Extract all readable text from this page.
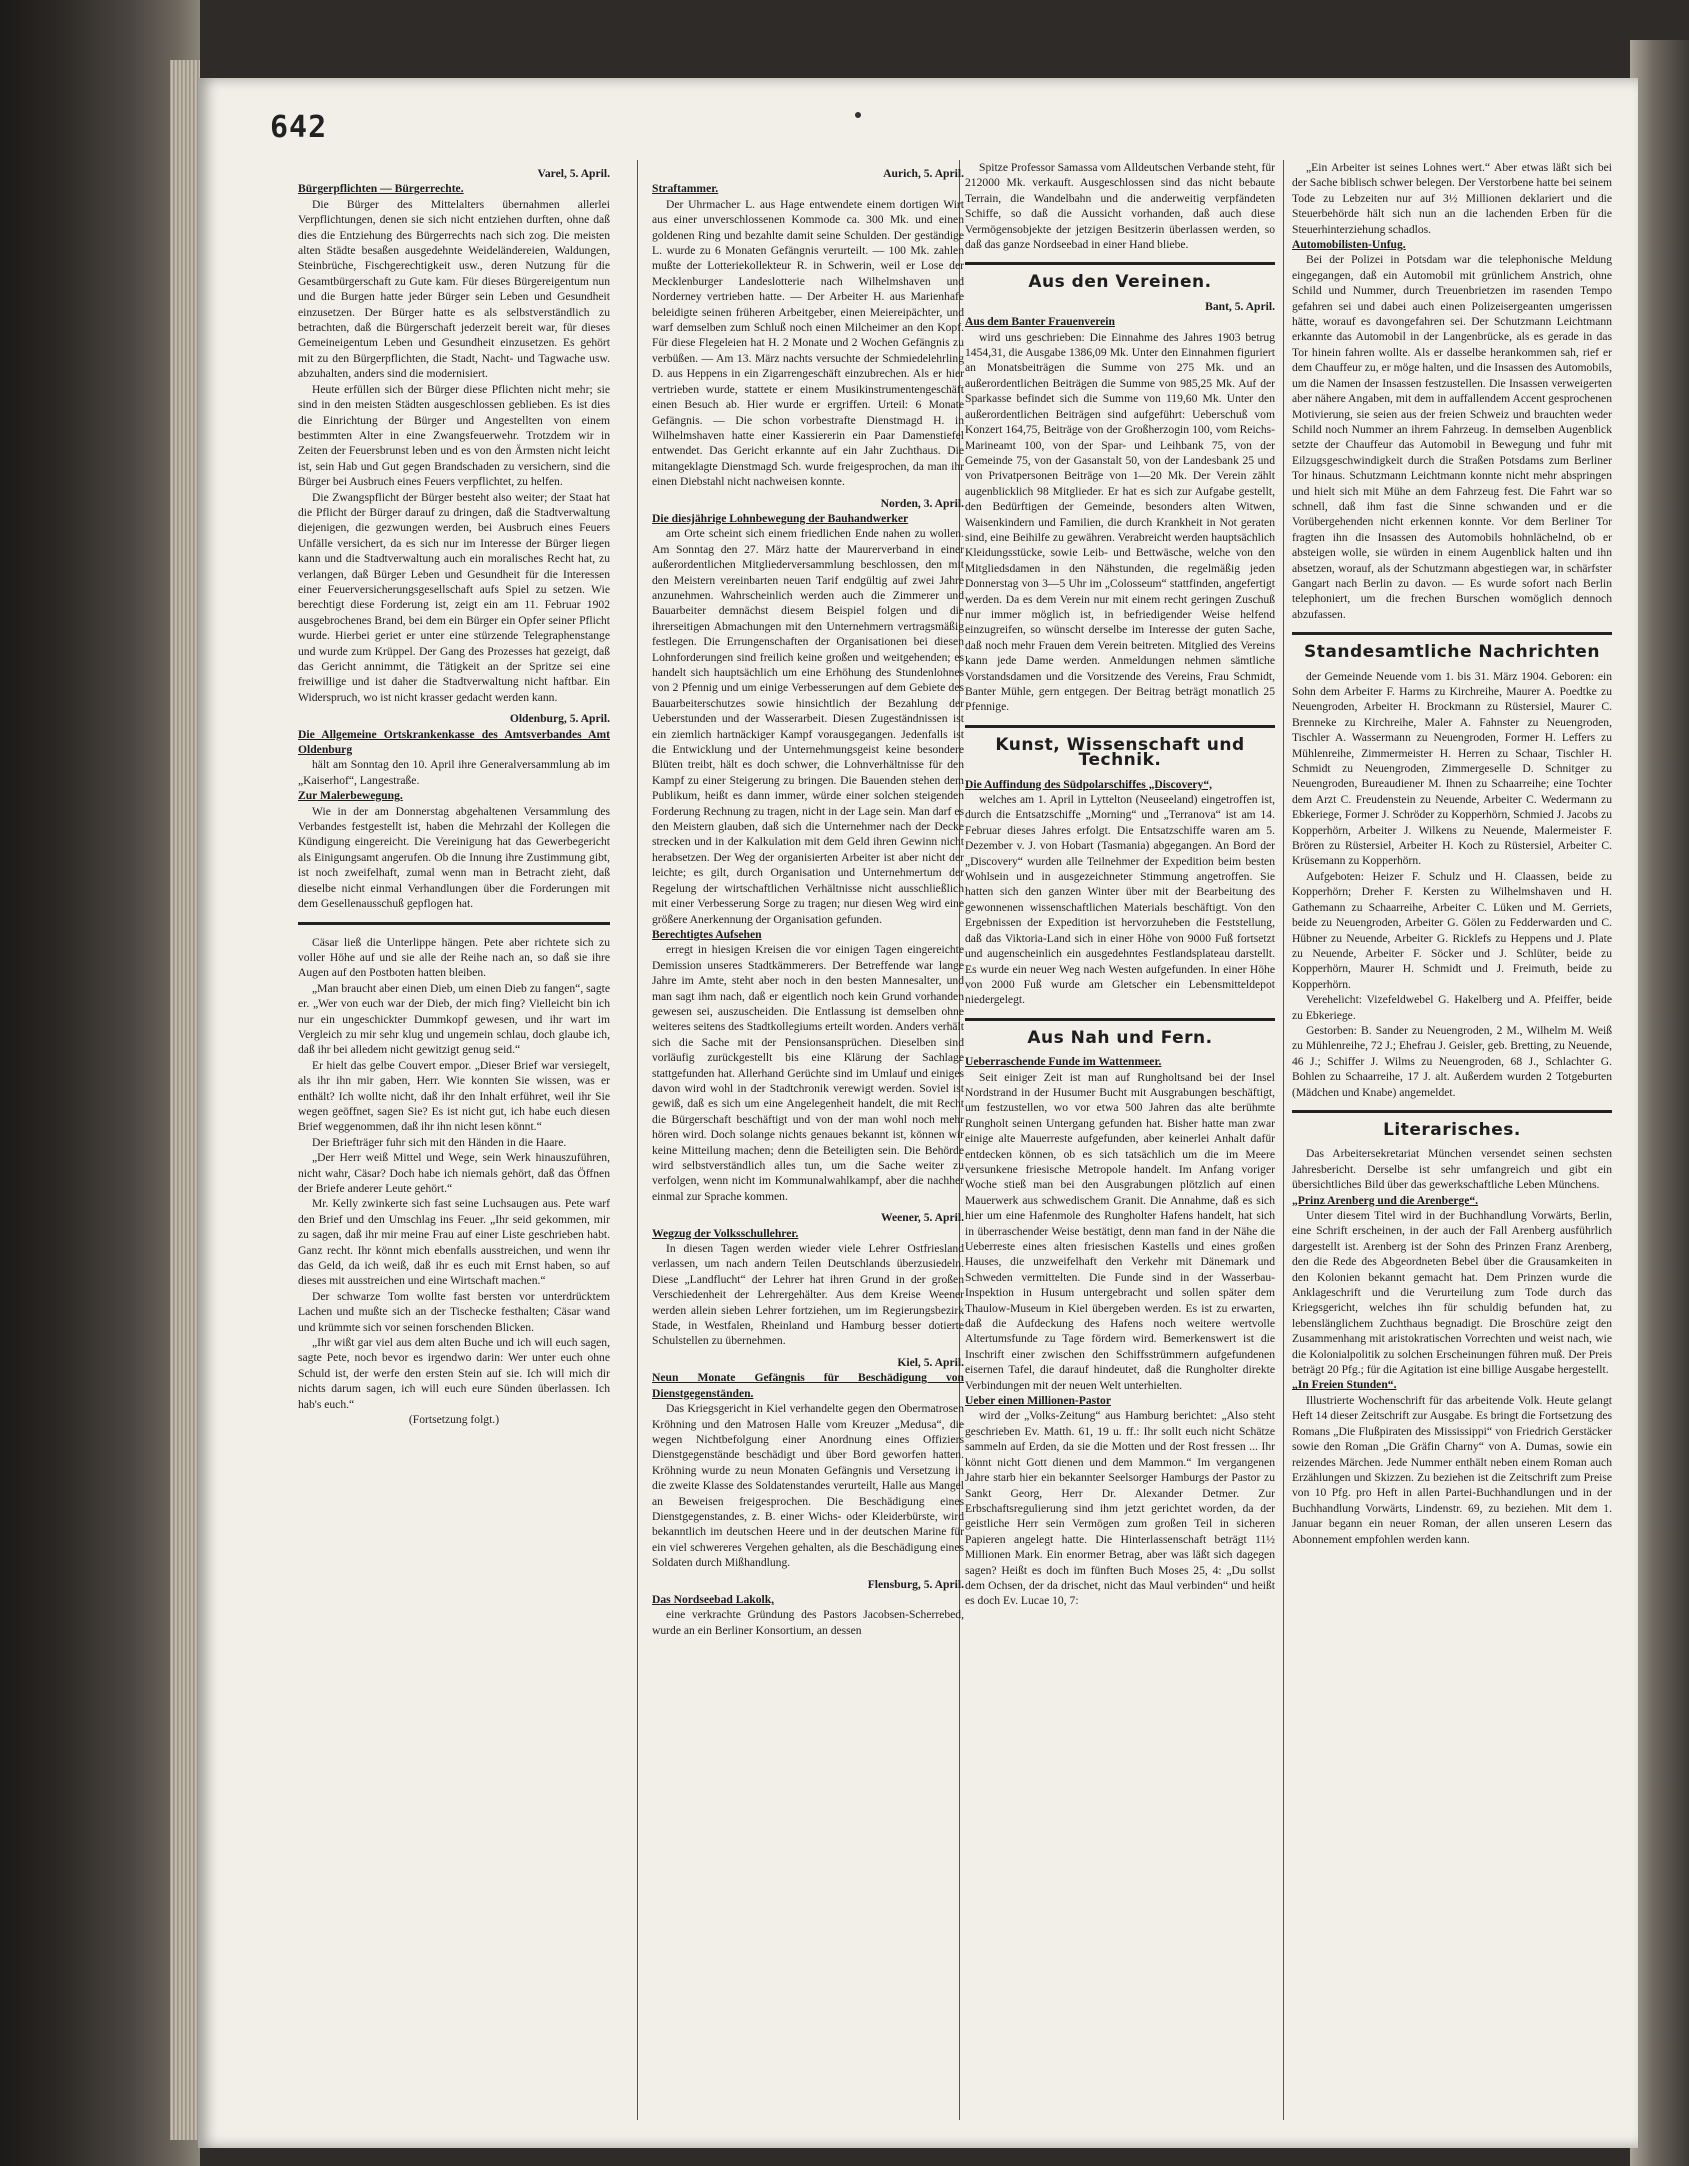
642

Varel, 5. April.

Bürgerpflichten — Bürgerrechte.

Die Bürger des Mittelalters übernahmen allerlei Verpflichtungen, denen sie sich nicht entziehen durften, ohne daß dies die Entziehung des Bürgerrechts nach sich zog. Die meisten alten Städte besaßen ausgedehnte Weideländereien, Waldungen, Steinbrüche, Fischgerechtigkeit usw., deren Nutzung für die Gesamtbürgerschaft zu Gute kam. Für dieses Bürgereigentum nun und die Burgen hatte jeder Bürger sein Leben und Gesundheit einzusetzen. Der Bürger hatte es als selbstverständlich zu betrachten, daß die Bürgerschaft jederzeit bereit war, für dieses Gemeineigentum Leben und Gesundheit einzusetzen. Es gehört mit zu den Bürgerpflichten, die Stadt, Nacht- und Tagwache usw. abzuhalten, anders sind die modernisiert.

Heute erfüllen sich der Bürger diese Pflichten nicht mehr; sie sind in den meisten Städten ausgeschlossen geblieben. Es ist dies die Einrichtung der Bürger und Angestellten von einem bestimmten Alter in eine Zwangsfeuerwehr. Trotzdem wir in Zeiten der Feuersbrunst leben und es von den Ärmsten nicht leicht ist, sein Hab und Gut gegen Brandschaden zu versichern, sind die Bürger bei Ausbruch eines Feuers verpflichtet, zu helfen.

Die Zwangspflicht der Bürger besteht also weiter; der Staat hat die Pflicht der Bürger darauf zu dringen, daß die Stadtverwaltung diejenigen, die gezwungen werden, bei Ausbruch eines Feuers Unfälle versichert, da es sich nur im Interesse der Bürger liegen kann und die Stadtverwaltung auch ein moralisches Recht hat, zu verlangen, daß Bürger Leben und Gesundheit für die Interessen einer Feuerversicherungsgesellschaft aufs Spiel zu setzen. Wie berechtigt diese Forderung ist, zeigt ein am 11. Februar 1902 ausgebrochenes Brand, bei dem ein Bürger ein Opfer seiner Pflicht wurde. Hierbei geriet er unter eine stürzende Telegraphenstange und wurde zum Krüppel. Der Gang des Prozesses hat gezeigt, daß das Gericht annimmt, die Tätigkeit an der Spritze sei eine freiwillige und ist daher die Stadtverwaltung nicht haftbar. Ein Widerspruch, wo ist nicht krasser gedacht werden kann.

Oldenburg, 5. April.

Die Allgemeine Ortskrankenkasse des Amtsverbandes Amt Oldenburg

hält am Sonntag den 10. April ihre Generalversammlung ab im „Kaiserhof“, Langestraße.

Zur Malerbewegung.

Wie in der am Donnerstag abgehaltenen Versammlung des Verbandes festgestellt ist, haben die Mehrzahl der Kollegen die Kündigung eingereicht. Die Vereinigung hat das Gewerbegericht als Einigungsamt angerufen. Ob die Innung ihre Zustimmung gibt, ist noch zweifelhaft, zumal wenn man in Betracht zieht, daß dieselbe nicht einmal Verhandlungen über die Forderungen mit dem Gesellenausschuß gepflogen hat.

Cäsar ließ die Unterlippe hängen. Pete aber richtete sich zu voller Höhe auf und sie alle der Reihe nach an, so daß sie ihre Augen auf den Postboten hatten bleiben.

„Man braucht aber einen Dieb, um einen Dieb zu fangen“, sagte er. „Wer von euch war der Dieb, der mich fing? Vielleicht bin ich nur ein ungeschickter Dummkopf gewesen, und ihr wart im Vergleich zu mir sehr klug und ungemein schlau, doch glaube ich, daß ihr bei alledem nicht gewitzigt genug seid.“

Er hielt das gelbe Couvert empor. „Dieser Brief war versiegelt, als ihr ihn mir gaben, Herr. Wie konnten Sie wissen, was er enthält? Ich wollte nicht, daß ihr den Inhalt erführet, weil ihr Sie wegen geöffnet, sagen Sie? Es ist nicht gut, ich habe euch diesen Brief weggenommen, daß ihr ihn nicht lesen könnt.“

Der Briefträger fuhr sich mit den Händen in die Haare.

„Der Herr weiß Mittel und Wege, sein Werk hinauszuführen, nicht wahr, Cäsar? Doch habe ich niemals gehört, daß das Öffnen der Briefe anderer Leute gehört.“

Mr. Kelly zwinkerte sich fast seine Luchsaugen aus. Pete warf den Brief und den Umschlag ins Feuer. „Ihr seid gekommen, mir zu sagen, daß ihr mir meine Frau auf einer Liste geschrieben habt. Ganz recht. Ihr könnt mich ebenfalls ausstreichen, und wenn ihr das Geld, da ich weiß, daß ihr es euch mit Ernst haben, so auf dieses mit ausstreichen und eine Wirtschaft machen.“

Der schwarze Tom wollte fast bersten vor unterdrücktem Lachen und mußte sich an der Tischecke festhalten; Cäsar wand und krümmte sich vor seinen forschenden Blicken.

„Ihr wißt gar viel aus dem alten Buche und ich will euch sagen, sagte Pete, noch bevor es irgendwo darin: Wer unter euch ohne Schuld ist, der werfe den ersten Stein auf sie. Ich will mich dir nichts darum sagen, ich will euch eure Sünden überlassen. Ich hab's euch.“

(Fortsetzung folgt.)

Aurich, 5. April.

Straftammer.

Der Uhrmacher L. aus Hage entwendete einem dortigen Wirt aus einer unverschlossenen Kommode ca. 300 Mk. und einen goldenen Ring und bezahlte damit seine Schulden. Der geständige L. wurde zu 6 Monaten Gefängnis verurteilt. — 100 Mk. zahlen mußte der Lotteriekollekteur R. in Schwerin, weil er Lose der Mecklenburger Landeslotterie nach Wilhelmshaven und Norderney vertrieben hatte. — Der Arbeiter H. aus Marienhafe beleidigte seinen früheren Arbeitgeber, einen Meiereipächter, und warf demselben zum Schluß noch einen Milcheimer an den Kopf. Für diese Flegeleien hat H. 2 Monate und 2 Wochen Gefängnis zu verbüßen. — Am 13. März nachts versuchte der Schmiedelehrling D. aus Heppens in ein Zigarrengeschäft einzubrechen. Als er hier vertrieben wurde, stattete er einem Musikinstrumentengeschäft einen Besuch ab. Hier wurde er ergriffen. Urteil: 6 Monate Gefängnis. — Die schon vorbestrafte Dienstmagd H. in Wilhelmshaven hatte einer Kassiererin ein Paar Damenstiefel entwendet. Das Gericht erkannte auf ein Jahr Zuchthaus. Die mitangeklagte Dienstmagd Sch. wurde freigesprochen, da man ihr einen Diebstahl nicht nachweisen konnte.

Norden, 3. April.

Die diesjährige Lohnbewegung der Bauhandwerker

am Orte scheint sich einem friedlichen Ende nahen zu wollen. Am Sonntag den 27. März hatte der Maurerverband in einer außerordentlichen Mitgliederversammlung beschlossen, den mit den Meistern vereinbarten neuen Tarif endgültig auf zwei Jahre anzunehmen. Wahrscheinlich werden auch die Zimmerer und Bauarbeiter demnächst diesem Beispiel folgen und die ihrerseitigen Abmachungen mit den Unternehmern vertragsmäßig festlegen. Die Errungenschaften der Organisationen bei diesen Lohnforderungen sind freilich keine großen und weitgehenden; es handelt sich hauptsächlich um eine Erhöhung des Stundenlohnes von 2 Pfennig und um einige Verbesserungen auf dem Gebiete des Bauarbeiterschutzes sowie hinsichtlich der Bezahlung der Ueberstunden und der Wasserarbeit. Diesen Zugeständnissen ist ein ziemlich hartnäckiger Kampf vorausgegangen. Jedenfalls ist die Entwicklung und der Unternehmungsgeist keine besondere Blüten treibt, hält es doch schwer, die Lohnverhältnisse für den Kampf zu einer Steigerung zu bringen. Die Bauenden stehen dem Publikum, heißt es dann immer, würde einer solchen steigenden Forderung Rechnung zu tragen, nicht in der Lage sein. Man darf es den Meistern glauben, daß sich die Unternehmer nach der Decke strecken und in der Kalkulation mit dem Geld ihren Gewinn nicht herabsetzen. Der Weg der organisierten Arbeiter ist aber nicht der leichte; es gilt, durch Organisation und Unternehmertum der Regelung der wirtschaftlichen Verhältnisse nicht ausschließlich mit einer Verbesserung Sorge zu tragen; nur diesen Weg wird eine größere Anerkennung der Organisation gefunden.

Berechtigtes Aufsehen

erregt in hiesigen Kreisen die vor einigen Tagen eingereichte Demission unseres Stadtkämmerers. Der Betreffende war lange Jahre im Amte, steht aber noch in den besten Mannesalter, und man sagt ihm nach, daß er eigentlich noch kein Grund vorhanden gewesen sei, auszuscheiden. Die Entlassung ist demselben ohne weiteres seitens des Stadtkollegiums erteilt worden. Anders verhält sich die Sache mit der Pensionsansprüchen. Dieselben sind vorläufig zurückgestellt bis eine Klärung der Sachlage stattgefunden hat. Allerhand Gerüchte sind im Umlauf und einiges davon wird wohl in der Stadtchronik verewigt werden. Soviel ist gewiß, daß es sich um eine Angelegenheit handelt, die mit Recht die Bürgerschaft beschäftigt und von der man wohl noch mehr hören wird. Doch solange nichts genaues bekannt ist, können wir keine Mitteilung machen; denn die Beteiligten sein. Die Behörde wird selbstverständlich alles tun, um die Sache weiter zu verfolgen, wenn nicht im Kommunalwahlkampf, aber die nachher einmal zur Sprache kommen.

Weener, 5. April.

Wegzug der Volksschullehrer.

In diesen Tagen werden wieder viele Lehrer Ostfriesland verlassen, um nach andern Teilen Deutschlands überzusiedeln. Diese „Landflucht“ der Lehrer hat ihren Grund in der großen Verschiedenheit der Lehrergehälter. Aus dem Kreise Weener werden allein sieben Lehrer fortziehen, um im Regierungsbezirk Stade, in Westfalen, Rheinland und Hamburg besser dotierte Schulstellen zu übernehmen.

Kiel, 5. April.

Neun Monate Gefängnis für Beschädigung von Dienstgegenständen.

Das Kriegsgericht in Kiel verhandelte gegen den Obermatrosen Kröhning und den Matrosen Halle vom Kreuzer „Medusa“, die wegen Nichtbefolgung einer Anordnung eines Offiziers Dienstgegenstände beschädigt und über Bord geworfen hatten. Kröhning wurde zu neun Monaten Gefängnis und Versetzung in die zweite Klasse des Soldatenstandes verurteilt, Halle aus Mangel an Beweisen freigesprochen. Die Beschädigung eines Dienstgegenstandes, z. B. einer Wichs- oder Kleiderbürste, wird bekanntlich im deutschen Heere und in der deutschen Marine für ein viel schwereres Vergehen gehalten, als die Beschädigung eines Soldaten durch Mißhandlung.

Flensburg, 5. April.

Das Nordseebad Lakolk,

eine verkrachte Gründung des Pastors Jacobsen-Scherrebed, wurde an ein Berliner Konsortium, an dessen

Spitze Professor Samassa vom Alldeutschen Verbande steht, für 212000 Mk. verkauft. Ausgeschlossen sind das nicht bebaute Terrain, die Wandelbahn und die anderweitig verpfändeten Schiffe, so daß die Aussicht vorhanden, daß auch diese Vermögensobjekte der jetzigen Besitzerin überlassen werden, so daß das ganze Nordseebad in einer Hand bliebe.

Aus den Vereinen.

Bant, 5. April.

Aus dem Banter Frauenverein

wird uns geschrieben: Die Einnahme des Jahres 1903 betrug 1454,31, die Ausgabe 1386,09 Mk. Unter den Einnahmen figuriert an Monatsbeiträgen die Summe von 275 Mk. und an außerordentlichen Beiträgen die Summe von 985,25 Mk. Auf der Sparkasse befindet sich die Summe von 119,60 Mk. Unter den außerordentlichen Beiträgen sind aufgeführt: Ueberschuß vom Konzert 164,75, Beiträge von der Großherzogin 100, vom Reichs-Marineamt 100, von der Spar- und Leihbank 75, von der Gemeinde 75, von der Gasanstalt 50, von der Landesbank 25 und von Privatpersonen Beiträge von 1—20 Mk. Der Verein zählt augenblicklich 98 Mitglieder. Er hat es sich zur Aufgabe gestellt, den Bedürftigen der Gemeinde, besonders alten Witwen, Waisenkindern und Familien, die durch Krankheit in Not geraten sind, eine Beihilfe zu gewähren. Verabreicht werden hauptsächlich Kleidungsstücke, sowie Leib- und Bettwäsche, welche von den Mitgliedsdamen in den Nähstunden, die regelmäßig jeden Donnerstag von 3—5 Uhr im „Colosseum“ stattfinden, angefertigt werden. Da es dem Verein nur mit einem recht geringen Zuschuß nur immer möglich ist, in befriedigender Weise helfend einzugreifen, so wünscht derselbe im Interesse der guten Sache, daß noch mehr Frauen dem Verein beitreten. Mitglied des Vereins kann jede Dame werden. Anmeldungen nehmen sämtliche Vorstandsdamen und die Vorsitzende des Vereins, Frau Schmidt, Banter Mühle, gern entgegen. Der Beitrag beträgt monatlich 25 Pfennige.

Kunst, Wissenschaft und Technik.

Die Auffindung des Südpolarschiffes „Discovery“,

welches am 1. April in Lyttelton (Neuseeland) eingetroffen ist, durch die Entsatzschiffe „Morning“ und „Terranova“ ist am 14. Februar dieses Jahres erfolgt. Die Entsatzschiffe waren am 5. Dezember v. J. von Hobart (Tasmania) abgegangen. An Bord der „Discovery“ wurden alle Teilnehmer der Expedition beim besten Wohlsein und in ausgezeichneter Stimmung angetroffen. Sie hatten sich den ganzen Winter über mit der Bearbeitung des gewonnenen wissenschaftlichen Materials beschäftigt. Von den Ergebnissen der Expedition ist hervorzuheben die Feststellung, daß das Viktoria-Land sich in einer Höhe von 9000 Fuß fortsetzt und augenscheinlich ein ausgedehntes Festlandsplateau darstellt. Es wurde ein neuer Weg nach Westen aufgefunden. In einer Höhe von 2000 Fuß wurde am Gletscher ein Lebensmitteldepot niedergelegt.

Aus Nah und Fern.

Ueberraschende Funde im Wattenmeer.

Seit einiger Zeit ist man auf Rungholtsand bei der Insel Nordstrand in der Husumer Bucht mit Ausgrabungen beschäftigt, um festzustellen, wo vor etwa 500 Jahren das alte berühmte Rungholt seinen Untergang gefunden hat. Bisher hatte man zwar einige alte Mauerreste aufgefunden, aber keinerlei Anhalt dafür entdecken können, ob es sich tatsächlich um die im Meere versunkene friesische Metropole handelt. Im Anfang voriger Woche stieß man bei den Ausgrabungen plötzlich auf einen Mauerwerk aus schwedischem Granit. Die Annahme, daß es sich hier um eine Hafenmole des Rungholter Hafens handelt, hat sich in überraschender Weise bestätigt, denn man fand in der Nähe die Ueberreste eines alten friesischen Kastells und eines großen Hauses, die unzweifelhaft den Verkehr mit Dänemark und Schweden vermittelten. Die Funde sind in der Wasserbau-Inspektion in Husum untergebracht und sollen später dem Thaulow-Museum in Kiel übergeben werden. Es ist zu erwarten, daß die Aufdeckung des Hafens noch weitere wertvolle Altertumsfunde zu Tage fördern wird. Bemerkenswert ist die Inschrift einer zwischen den Schiffsstrümmern aufgefundenen eisernen Tafel, die darauf hindeutet, daß die Rungholter direkte Verbindungen mit der neuen Welt unterhielten.

Ueber einen Millionen-Pastor

wird der „Volks-Zeitung“ aus Hamburg berichtet: „Also steht geschrieben Ev. Matth. 61, 19 u. ff.: Ihr sollt euch nicht Schätze sammeln auf Erden, da sie die Motten und der Rost fressen ... Ihr könnt nicht Gott dienen und dem Mammon.“ Im vergangenen Jahre starb hier ein bekannter Seelsorger Hamburgs der Pastor zu Sankt Georg, Herr Dr. Alexander Detmer. Zur Erbschaftsregulierung sind ihm jetzt gerichtet worden, da der geistliche Herr sein Vermögen zum großen Teil in sicheren Papieren angelegt hatte. Die Hinterlassenschaft beträgt 11½ Millionen Mark. Ein enormer Betrag, aber was läßt sich dagegen sagen? Heißt es doch im fünften Buch Moses 25, 4: „Du sollst dem Ochsen, der da drischet, nicht das Maul verbinden“ und heißt es doch Ev. Lucae 10, 7:

„Ein Arbeiter ist seines Lohnes wert.“ Aber etwas läßt sich bei der Sache biblisch schwer belegen. Der Verstorbene hatte bei seinem Tode zu Lebzeiten nur auf 3½ Millionen deklariert und die Steuerbehörde hält sich nun an die lachenden Erben für die Steuerhinterziehung schadlos.

Automobilisten-Unfug.

Bei der Polizei in Potsdam war die telephonische Meldung eingegangen, daß ein Automobil mit grünlichem Anstrich, ohne Schild und Nummer, durch Treuenbrietzen im rasenden Tempo gefahren sei und dabei auch einen Polizeisergeanten umgerissen hätte, worauf es davongefahren sei. Der Schutzmann Leichtmann erkannte das Automobil in der Langenbrücke, als es gerade in das Tor hinein fahren wollte. Als er dasselbe herankommen sah, rief er dem Chauffeur zu, er möge halten, und die Insassen des Automobils, um die Namen der Insassen festzustellen. Die Insassen verweigerten aber nähere Angaben, mit dem in auffallendem Accent gesprochenen Motivierung, sie seien aus der freien Schweiz und brauchten weder Schild noch Nummer an ihrem Fahrzeug. In demselben Augenblick setzte der Chauffeur das Automobil in Bewegung und fuhr mit Eilzugsgeschwindigkeit durch die Straßen Potsdams zum Berliner Tor hinaus. Schutzmann Leichtmann konnte nicht mehr abspringen und hielt sich mit Mühe an dem Fahrzeug fest. Die Fahrt war so schnell, daß ihm fast die Sinne schwanden und er die Vorübergehenden nicht erkennen konnte. Vor dem Berliner Tor fragten ihn die Insassen des Automobils hohnlächelnd, ob er absteigen wolle, sie würden in einem Augenblick halten und ihn absetzen, worauf, als der Schutzmann abgestiegen war, in schärfster Gangart nach Berlin zu davon. — Es wurde sofort nach Berlin telephoniert, um die frechen Burschen womöglich dennoch abzufassen.

Standesamtliche Nachrichten

der Gemeinde Neuende vom 1. bis 31. März 1904. Geboren: ein Sohn dem Arbeiter F. Harms zu Kirchreihe, Maurer A. Poedtke zu Neuengroden, Arbeiter H. Brockmann zu Rüstersiel, Maurer C. Brenneke zu Kirchreihe, Maler A. Fahnster zu Neuengroden, Tischler A. Wassermann zu Neuengroden, Former H. Leffers zu Mühlenreihe, Zimmermeister H. Herren zu Schaar, Tischler H. Schmidt zu Neuengroden, Zimmergeselle D. Schnitger zu Neuengroden, Bureaudiener M. Ihnen zu Schaarreihe; eine Tochter dem Arzt C. Freudenstein zu Neuende, Arbeiter C. Wedermann zu Ebkeriege, Former J. Schröder zu Kopperhörn, Schmied J. Jacobs zu Kopperhörn, Arbeiter J. Wilkens zu Neuende, Malermeister F. Brören zu Rüstersiel, Arbeiter H. Koch zu Rüstersiel, Arbeiter C. Krüsemann zu Kopperhörn.

Aufgeboten: Heizer F. Schulz und H. Claassen, beide zu Kopperhörn; Dreher F. Kersten zu Wilhelmshaven und H. Gathemann zu Schaarreihe, Arbeiter C. Lüken und M. Gerriets, beide zu Neuengroden, Arbeiter G. Gölen zu Fedderwarden und C. Hübner zu Neuende, Arbeiter G. Ricklefs zu Heppens und J. Plate zu Neuende, Arbeiter F. Söcker und J. Schlüter, beide zu Kopperhörn, Maurer H. Schmidt und J. Freimuth, beide zu Kopperhörn.

Verehelicht: Vizefeldwebel G. Hakelberg und A. Pfeiffer, beide zu Ebkeriege.

Gestorben: B. Sander zu Neuengroden, 2 M., Wilhelm M. Weiß zu Mühlenreihe, 72 J.; Ehefrau J. Geisler, geb. Bretting, zu Neuende, 46 J.; Schiffer J. Wilms zu Neuengroden, 68 J., Schlachter G. Bohlen zu Schaarreihe, 17 J. alt. Außerdem wurden 2 Totgeburten (Mädchen und Knabe) angemeldet.

Literarisches.

Das Arbeitersekretariat München versendet seinen sechsten Jahresbericht. Derselbe ist sehr umfangreich und gibt ein übersichtliches Bild über das gewerkschaftliche Leben Münchens.

„Prinz Arenberg und die Arenberge“.

Unter diesem Titel wird in der Buchhandlung Vorwärts, Berlin, eine Schrift erscheinen, in der auch der Fall Arenberg ausführlich dargestellt ist. Arenberg ist der Sohn des Prinzen Franz Arenberg, den die Rede des Abgeordneten Bebel über die Grausamkeiten in den Kolonien bekannt gemacht hat. Dem Prinzen wurde die Anklageschrift und die Verurteilung zum Tode durch das Kriegsgericht, welches ihn für schuldig befunden hat, zu lebenslänglichem Zuchthaus begnadigt. Die Broschüre zeigt den Zusammenhang mit aristokratischen Vorrechten und weist nach, wie die Kolonialpolitik zu solchen Erscheinungen führen muß. Der Preis beträgt 20 Pfg.; für die Agitation ist eine billige Ausgabe hergestellt.

„In Freien Stunden“.

Illustrierte Wochenschrift für das arbeitende Volk. Heute gelangt Heft 14 dieser Zeitschrift zur Ausgabe. Es bringt die Fortsetzung des Romans „Die Flußpiraten des Mississippi“ von Friedrich Gerstäcker sowie den Roman „Die Gräfin Charny“ von A. Dumas, sowie ein reizendes Märchen. Jede Nummer enthält neben einem Roman auch Erzählungen und Skizzen. Zu beziehen ist die Zeitschrift zum Preise von 10 Pfg. pro Heft in allen Partei-Buchhandlungen und in der Buchhandlung Vorwärts, Lindenstr. 69, zu beziehen. Mit dem 1. Januar begann ein neuer Roman, der allen unseren Lesern das Abonnement empfohlen werden kann.
